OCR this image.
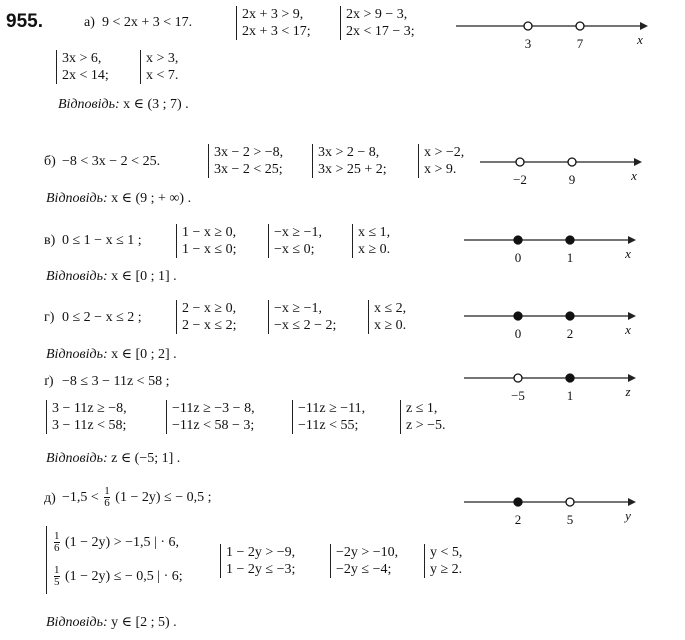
955.	а) 9 < 2x + 3 < 17.
2x + 3 > 9,
2x + 3 < 17;
2x > 9 − 3,
2x < 17 − 3;
3x > 6,
2x < 14;
x > 3,
x < 7.
Відповідь: x ∈ (3 ; 7) .
x
3	7
б) −8 < 3x − 2 < 25.
3x − 2 > −8,
3x − 2 < 25;
3x > 2 − 8,
3x > 25 + 2;
x > −2,
x > 9.
Відповідь: x ∈ (9 ; + ∞) .
x
−2	9
в) 0 ≤ 1 − x ≤ 1 ;
1 − x ≥ 0,
1 − x ≤ 0;
−x ≥ −1,
−x ≤ 0;
x ≤ 1,
x ≥ 0.
Відповідь: x ∈ [0 ; 1] .
x
0	1
г) 0 ≤ 2 − x ≤ 2 ;
2 − x ≥ 0,
2 − x ≤ 2;
−x ≥ −1,
−x ≤ 2 − 2;
x ≤ 2,
x ≥ 0.
Відповідь: x ∈ [0 ; 2] .
x
0	2
ґ) −8 ≤ 3 − 11z < 58 ;
3 − 11z ≥ −8,
3 − 11z < 58;
−11z ≥ −3 − 8,
−11z < 58 − 3;
−11z ≥ −11,
−11z < 55;
z ≤ 1,
z > −5.
Відповідь: z ∈ (−5; 1] .
z
−5	1
$д) -1,5 < \frac{1}{6} (1 - 2y)$ ≤ − 0,5 ;
$\frac{1}{6} (1 - 2y) > -1,5$ | · 6,
$\frac{1}{5} (1 - 2y)$ ≤ − 0,5 | · 6;
1 − 2y > −9,
1 − 2y ≤ −3;
−2y > −10,
−2y ≤ −4;
y < 5,
y ≥ 2.
Відповідь: y ∈ [2 ; 5) .
y
2	5
